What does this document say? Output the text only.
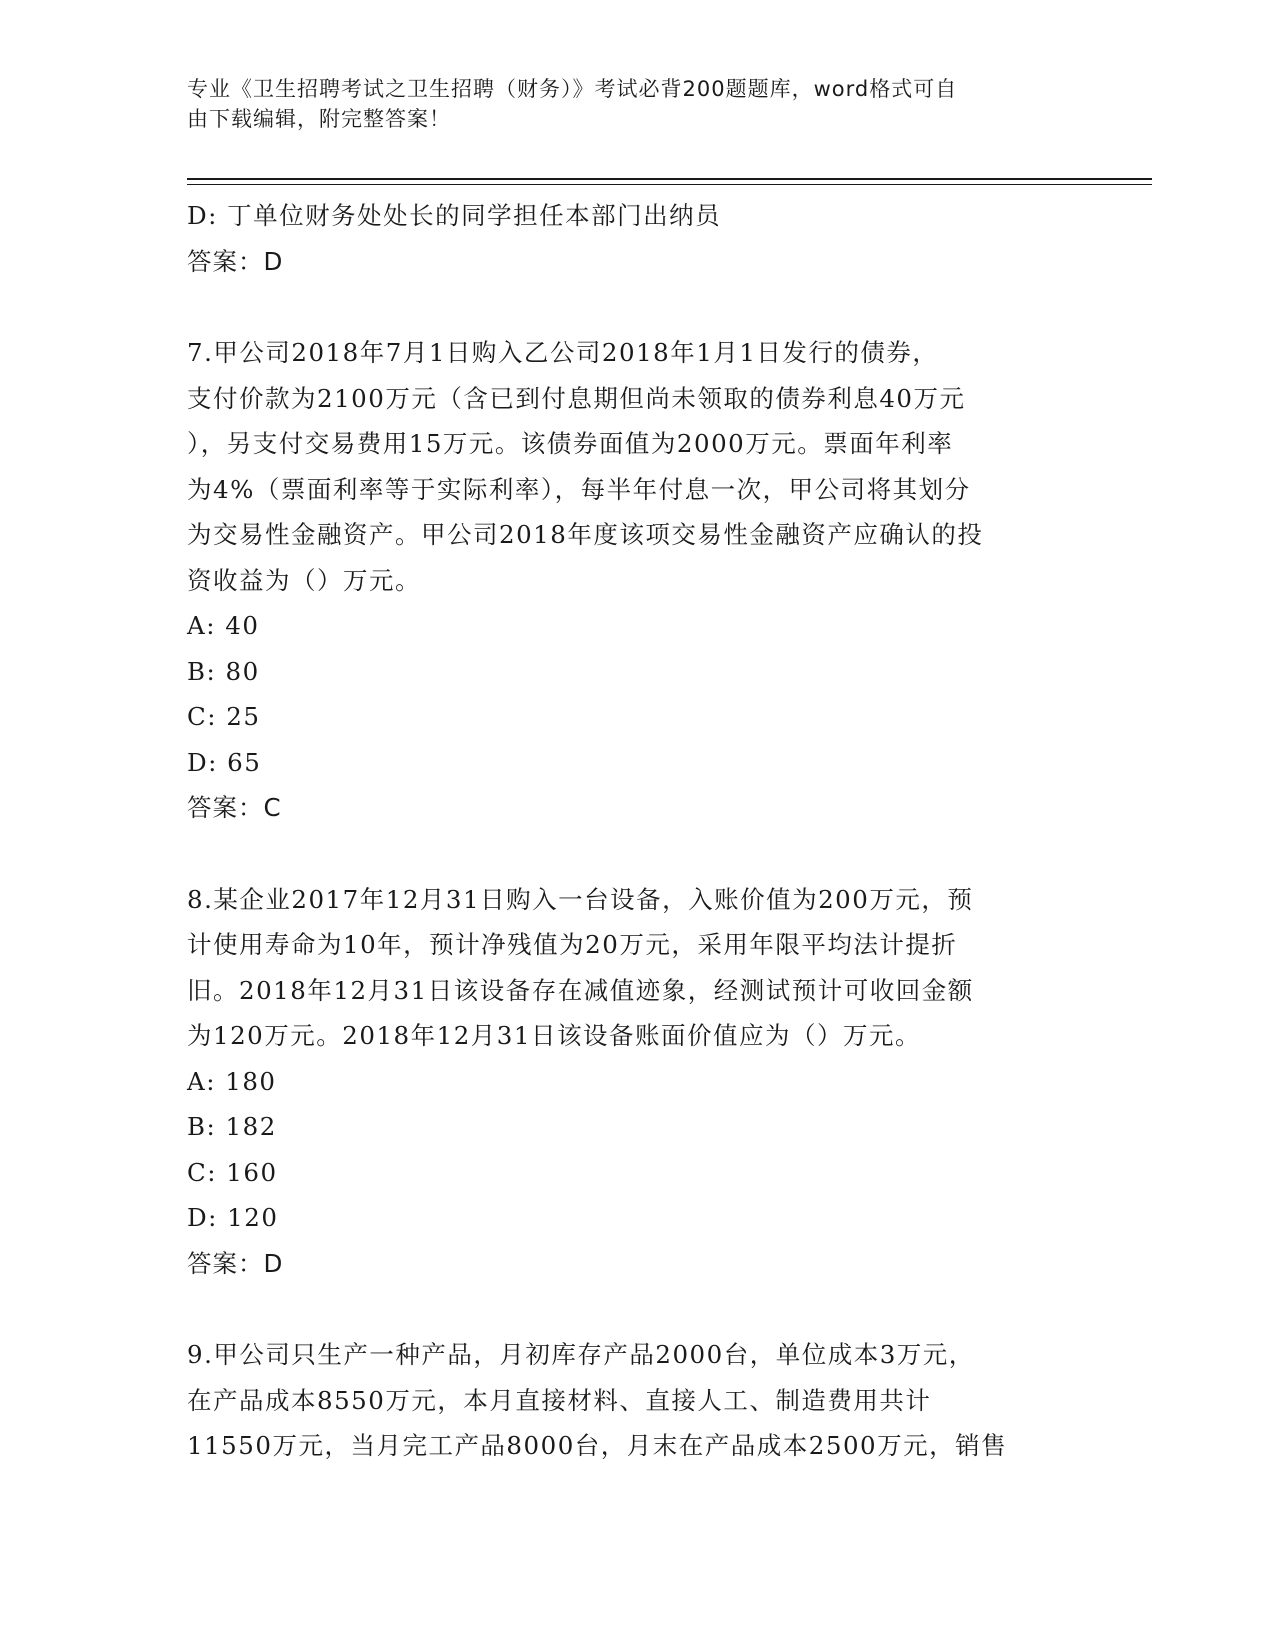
专业《卫生招聘考试之卫生招聘（财务）》考试必背200题题库，word格式可自
由下载编辑，附完整答案！
D: 丁单位财务处处长的同学担任本部门出纳员
答案：D
7.甲公司2018年7月1日购入乙公司2018年1月1日发行的债券，
支付价款为2100万元（含已到付息期但尚未领取的债券利息40万元
），另支付交易费用15万元。该债券面值为2000万元。票面年利率
为4%（票面利率等于实际利率），每半年付息一次，甲公司将其划分
为交易性金融资产。甲公司2018年度该项交易性金融资产应确认的投
资收益为（）万元。
A: 40
B: 80
C: 25
D: 65
答案：C
8.某企业2017年12月31日购入一台设备，入账价值为200万元，预
计使用寿命为10年，预计净残值为20万元，采用年限平均法计提折
旧。2018年12月31日该设备存在减值迹象，经测试预计可收回金额
为120万元。2018年12月31日该设备账面价值应为（）万元。
A: 180
B: 182
C: 160
D: 120
答案：D
9.甲公司只生产一种产品，月初库存产品2000台，单位成本3万元，
在产品成本8550万元，本月直接材料、直接人工、制造费用共计
11550万元，当月完工产品8000台，月末在产品成本2500万元，销售
